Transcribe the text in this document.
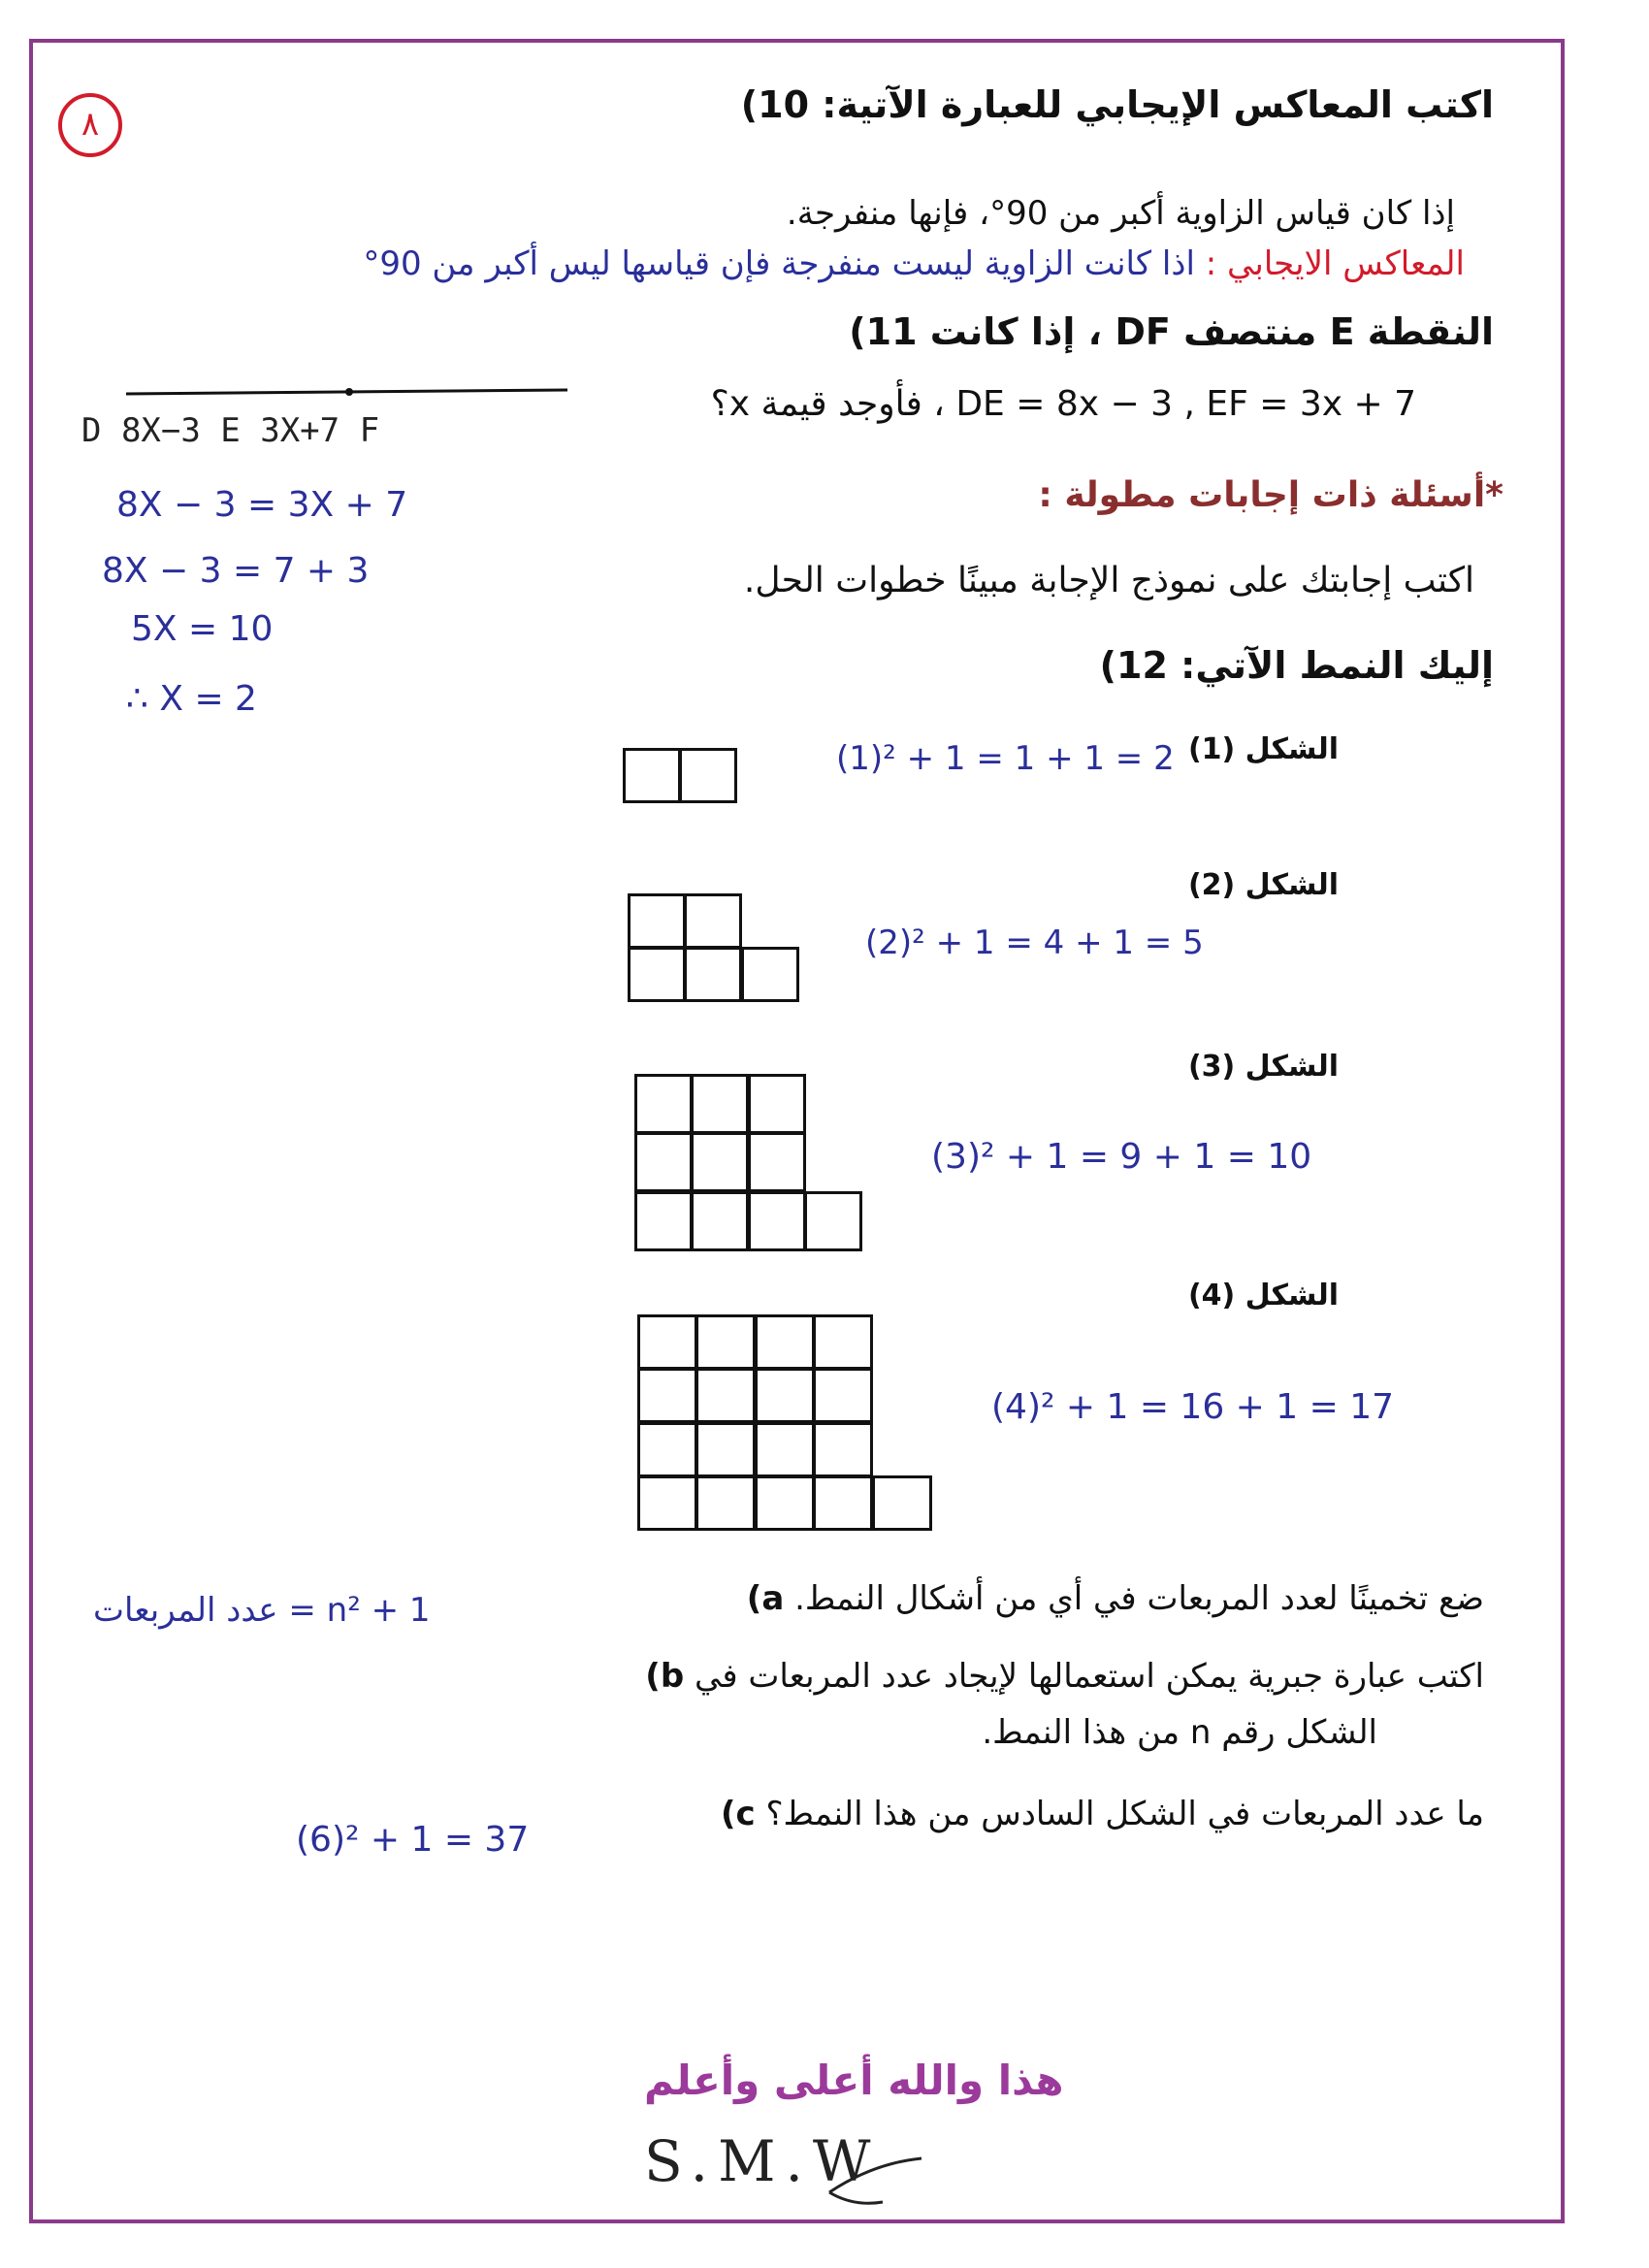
٨	اكتب المعاكس الإيجابي للعبارة الآتية: 10)
إذا كان قياس الزاوية أكبر من 90°، فإنها منفرجة.
المعاكس الايجابي : اذا كانت الزاوية ليست منفرجة فإن قياسها ليس أكبر من 90°
النقطة E منتصف DF ، إذا كانت 11)
DE = 8x − 3 , EF = 3x + 7 ، فأوجد قيمة x؟
D 8X−3 E 3X+7 F
8X − 3 = 3X + 7
8X − 3 = 7 + 3
5X = 10
∴ X = 2
*أسئلة ذات إجابات مطولة :
اكتب إجابتك على نموذج الإجابة مبينًا خطوات الحل.
إليك النمط الآتي: 12)
الشكل (1)
(1)² + 1 = 1 + 1 = 2
الشكل (2)
(2)² + 1 = 4 + 1 = 5
الشكل (3)
(3)² + 1 = 9 + 1 = 10
الشكل (4)
(4)² + 1 = 16 + 1 = 17
ضع تخمينًا لعدد المربعات في أي من أشكال النمط. a)
عدد المربعات = n² + 1
اكتب عبارة جبرية يمكن استعمالها لإيجاد عدد المربعات في b)
الشكل رقم n من هذا النمط.
ما عدد المربعات في الشكل السادس من هذا النمط؟ c)
(6)² + 1 = 37
هذا والله أعلى وأعلم
S.M.W
